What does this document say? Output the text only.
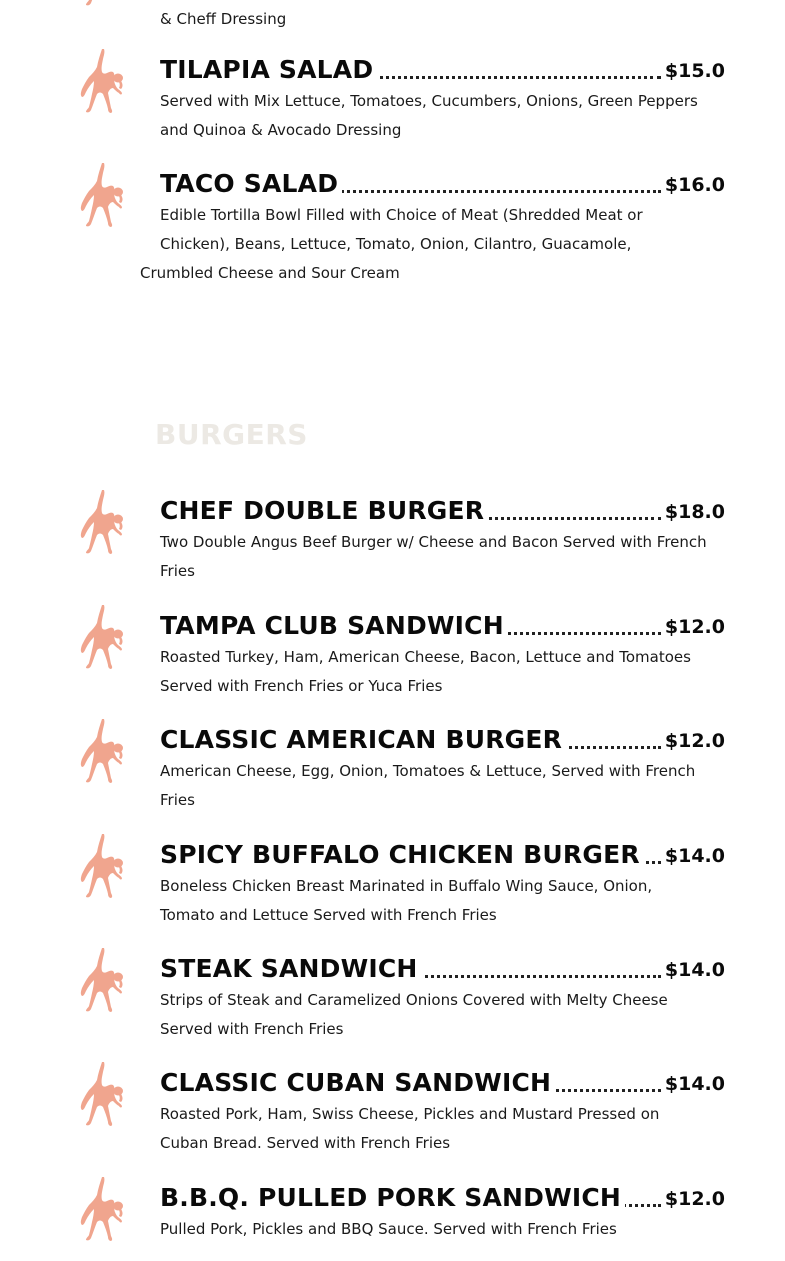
& Cheff Dressing
TILAPIA SALAD	$15.0
Served with Mix Lettuce, Tomatoes, Cucumbers, Onions, Green Peppers and Quinoa & Avocado Dressing
TACO SALAD	$16.0
Edible Tortilla Bowl Filled with Choice of Meat (Shredded Meat or
Chicken), Beans, Lettuce, Tomato, Onion, Cilantro, Guacamole,
Crumbled Cheese and Sour Cream
BURGERS
CHEF DOUBLE BURGER	$18.0
Two Double Angus Beef Burger w/ Cheese and Bacon Served with French Fries
TAMPA CLUB SANDWICH	$12.0
Roasted Turkey, Ham, American Cheese, Bacon, Lettuce and Tomatoes Served with French Fries or Yuca Fries
CLASSIC AMERICAN BURGER	$12.0
American Cheese, Egg, Onion, Tomatoes & Lettuce, Served with French Fries
SPICY BUFFALO CHICKEN BURGER $14.0
Boneless Chicken Breast Marinated in Buffalo Wing Sauce, Onion, Tomato and Lettuce Served with French Fries
STEAK SANDWICH	$14.0
Strips of Steak and Caramelized Onions Covered with Melty Cheese Served with French Fries
CLASSIC CUBAN SANDWICH	$14.0
Roasted Pork, Ham, Swiss Cheese, Pickles and Mustard Pressed on Cuban Bread. Served with French Fries
B.B.Q. PULLED PORK SANDWICH $12.0
Pulled Pork, Pickles and BBQ Sauce. Served with French Fries
